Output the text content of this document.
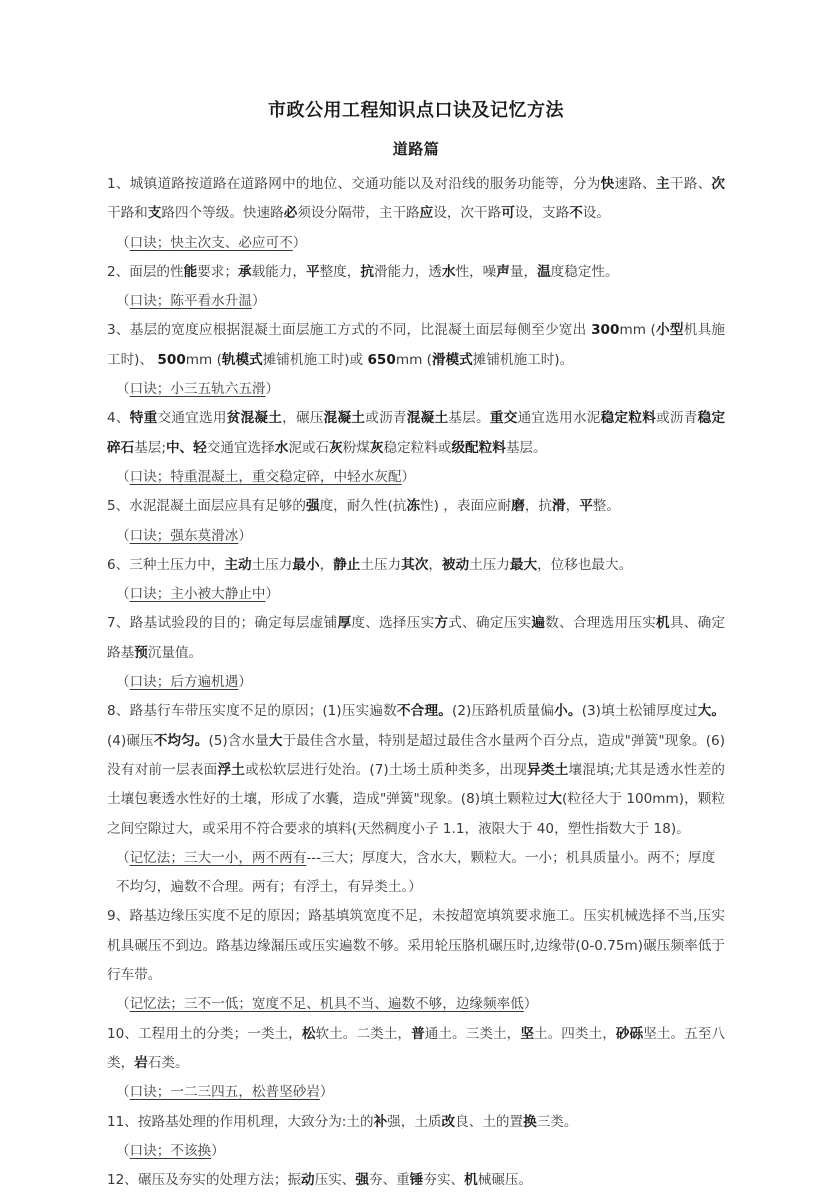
市政公用工程知识点口诀及记忆方法
道路篇

1、城镇道路按道路在道路网中的地位、交通功能以及对沿线的服务功能等，分为快速路、主干路、次干路和支路四个等级。快速路必须设分隔带，主干路应设，次干路可设，支路不设。

（口诀；快主次支、必应可不）

2、面层的性能要求；承载能力，平整度，抗滑能力，透水性，噪声量，温度稳定性。

（口诀；陈平看水升温）

3、基层的宽度应根据混凝土面层施工方式的不同，比混凝土面层每侧至少宽出 300mm (小型机具施工时)、 500mm (轨模式摊铺机施工时)或 650mm (滑模式摊铺机施工时)。

（口诀；小三五轨六五滑）

4、特重交通宜选用贫混凝土，碾压混凝土或沥青混凝土基层。重交通宜选用水泥稳定粒料或沥青稳定碎石基层;中、轻交通宜选择水泥或石灰粉煤灰稳定粒料或级配粒料基层。

（口诀；特重混凝土，重交稳定碎，中轻水灰配）

5、水泥混凝土面层应具有足够的强度，耐久性(抗冻性) ，表面应耐磨，抗滑，平整。

（口诀；强东莫滑冰）

6、三种土压力中，主动土压力最小，静止土压力其次，被动土压力最大，位移也最大。

（口诀；主小被大静止中）

7、路基试验段的目的；确定每层虚铺厚度、选择压实方式、确定压实遍数、合理选用压实机具、确定路基预沉量值。

（口诀；后方遍机遇）

8、路基行车带压实度不足的原因；(1)压实遍数不合理。(2)压路机质量偏小。(3)填土松铺厚度过大。(4)碾压不均匀。(5)含水量大于最佳含水量，特别是超过最佳含水量两个百分点，造成"弹簧"现象。(6)没有对前一层表面浮土或松软层进行处治。(7)土场土质种类多，出现异类土壤混填;尤其是透水性差的土壤包裹透水性好的土壤，形成了水囊，造成"弹簧"现象。(8)填土颗粒过大(粒径大于 100mm)，颗粒之间空隙过大，或采用不符合要求的填料(天然稠度小子 1.1，液限大于 40，塑性指数大于 18)。

（记忆法；三大一小，两不两有---三大；厚度大，含水大，颗粒大。一小；机具质量小。两不；厚度不均匀，遍数不合理。两有；有浮土，有异类土。）

9、路基边缘压实度不足的原因；路基填筑宽度不足，未按超宽填筑要求施工。压实机械选择不当,压实机具碾压不到边。路基边缘漏压或压实遍数不够。采用轮压胳机碾压时,边缘带(0-0.75m)碾压频率低于行车带。

（记忆法；三不一低；宽度不足、机具不当、遍数不够，边缘频率低）

10、工程用土的分类；一类土，松软土。二类土，普通土。三类土，坚土。四类土，砂砾坚土。五至八类，岩石类。

（口诀；一二三四五，松普坚砂岩）

11、按路基处理的作用机理，大致分为:土的补强，土质改良、土的置换三类。

（口诀；不该换）

12、碾压及夯实的处理方法；振动压实、强夯、重锤夯实、机械碾压。
